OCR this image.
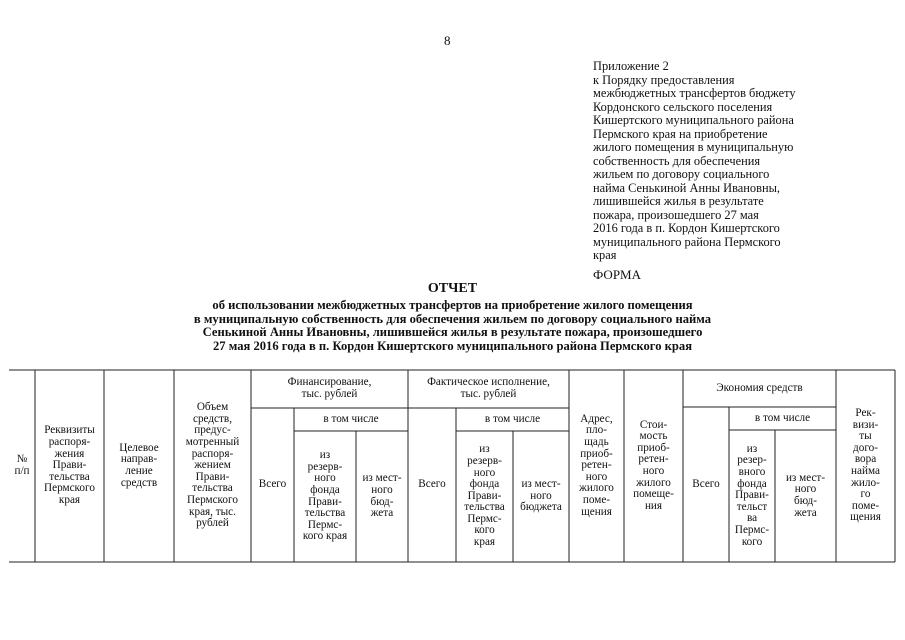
8
Приложение 2
к Порядку предоставления
межбюджетных трансфертов бюджету
Кордонского сельского поселения
Кишертского муниципального района
Пермского края на приобретение
жилого помещения в муниципальную
собственность для обеспечения
жильем по договору социального
найма Сенькиной Анны Ивановны,
лишившейся жилья в результате
пожара, произошедшего 27 мая
2016 года в п. Кордон Кишертского
муниципального района Пермского
края

ФОРМА
ОТЧЕТ
об использовании межбюджетных трансфертов на приобретение жилого помещения
в муниципальную собственность для обеспечения жильем по договору социального найма
Сенькиной Анны Ивановны, лишившейся жилья в результате пожара, произошедшего
27 мая 2016 года в п. Кордон Кишертского муниципального района Пермского края

№
п/п
Реквизиты
распоря-
жения
Прави-
тельства
Пермского
края
Целевое
направ-
ление
средств
Объем
средств,
предус-
мотренный
распоря-
жением
Прави-
тельства
Пермского
края, тыс.
рублей
Финансирование,
тыс. рублей
Всего
в том числе
из
резерв-
ного
фонда
Прави-
тельства
Пермс-
кого края
из мест-
ного
бюд-
жета
Фактическое исполнение,
тыс. рублей
Всего
в том числе
из
резерв-
ного
фонда
Прави-
тельства
Пермс-
кого
края
из мест-
ного
бюджета
Адрес,
пло-
щадь
приоб-
ретен-
ного
жилого
поме-
щения
Стои-
мость
приоб-
ретен-
ного
жилого
помеще-
ния
Экономия средств
Всего
в том числе
из
резер-
вного
фонда
Прави-
тельст
ва
Пермс-
кого
из мест-
ного
бюд-
жета
Рек-
визи-
ты
дого-
вора
найма
жило-
го
поме-
щения
